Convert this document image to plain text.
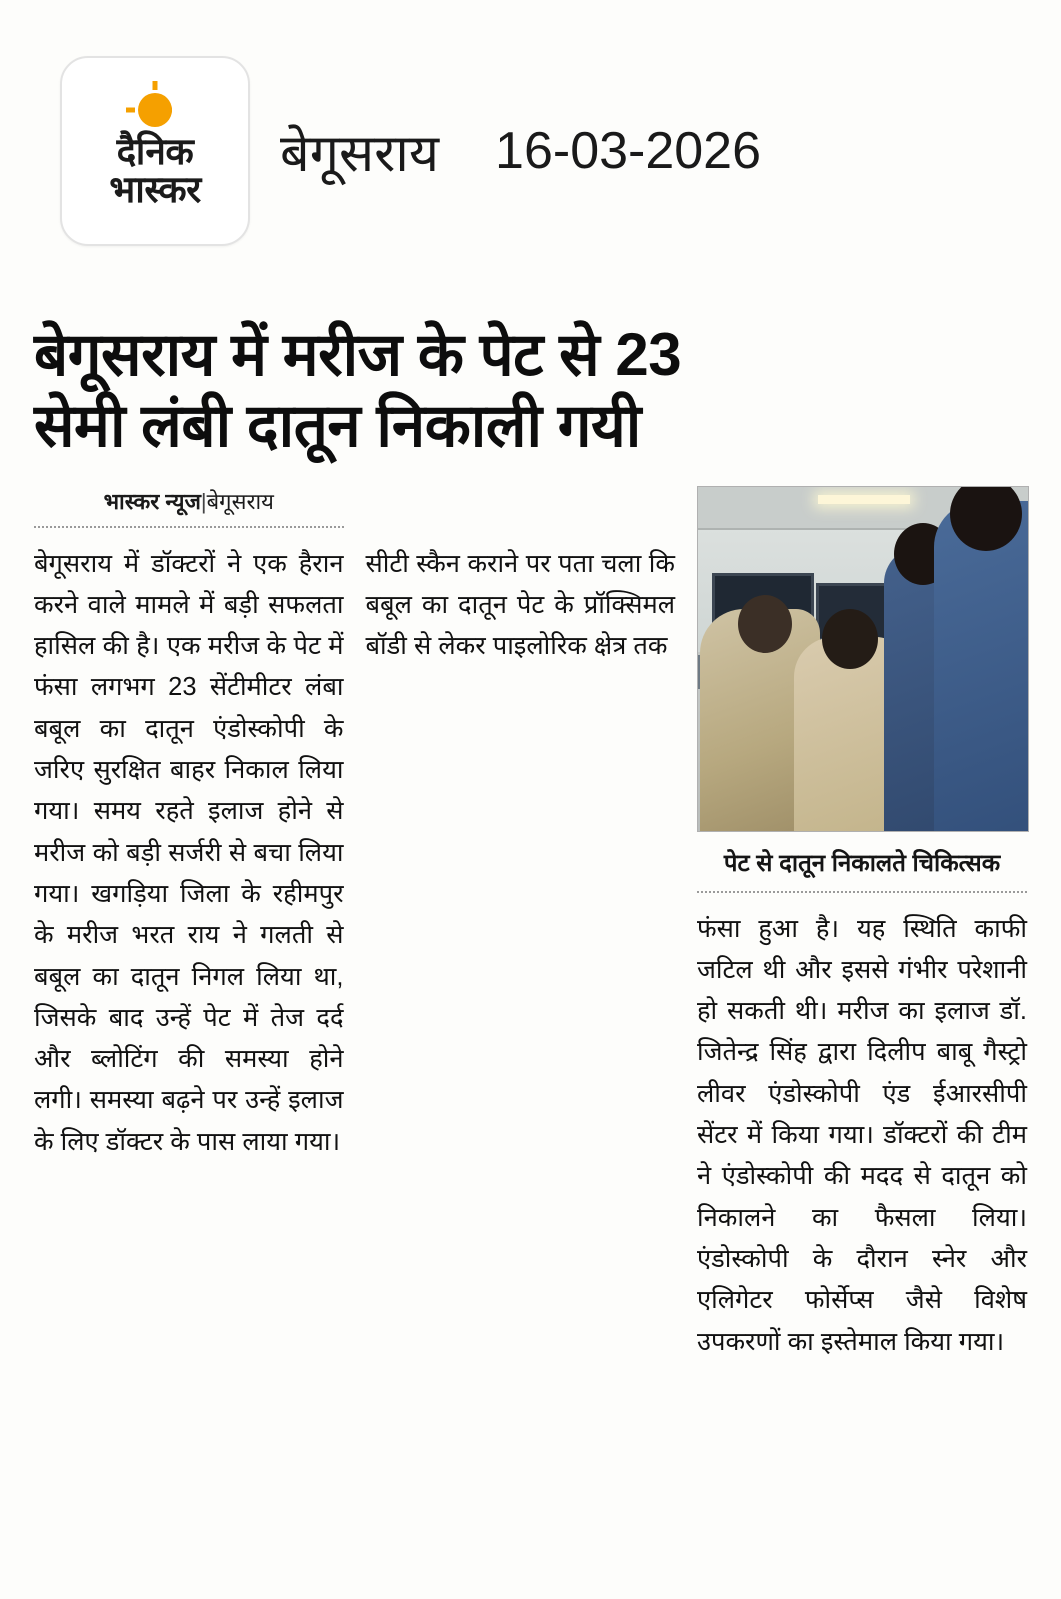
दैनिक
भास्कर
बेगूसराय 16-03-2026
बेगूसराय में मरीज के पेट से 23
सेमी लंबी दातून निकाली गयी
भास्कर न्यूज|बेगूसराय

बेगूसराय में डॉक्टरों ने एक हैरान करने वाले मामले में बड़ी सफलता हासिल की है। एक मरीज के पेट में फंसा लगभग 23 सेंटीमीटर लंबा बबूल का दातून एंडोस्कोपी के जरिए सुरक्षित बाहर निकाल लिया गया। समय रहते इलाज होने से मरीज को बड़ी सर्जरी से बचा लिया गया। खगड़िया जिला के रहीमपुर के मरीज भरत राय ने गलती से बबूल का दातून निगल लिया था, जिसके बाद उन्हें पेट में तेज दर्द और ब्लोटिंग की समस्या होने लगी। समस्या बढ़ने पर उन्हें इलाज के लिए डॉक्टर के पास लाया गया।

सीटी स्कैन कराने पर पता चला कि बबूल का दातून पेट के प्रॉक्सिमल बॉडी से लेकर पाइलोरिक क्षेत्र तक

पेट से दातून निकालते चिकित्सक

फंसा हुआ है। यह स्थिति काफी जटिल थी और इससे गंभीर परेशानी हो सकती थी। मरीज का इलाज डॉ. जितेन्द्र सिंह द्वारा दिलीप बाबू गैस्ट्रो लीवर एंडोस्कोपी एंड ईआरसीपी सेंटर में किया गया। डॉक्टरों की टीम ने एंडोस्कोपी की मदद से दातून को निकालने का फैसला लिया। एंडोस्कोपी के दौरान स्नेर और एलिगेटर फोर्सेप्स जैसे विशेष उपकरणों का इस्तेमाल किया गया।
